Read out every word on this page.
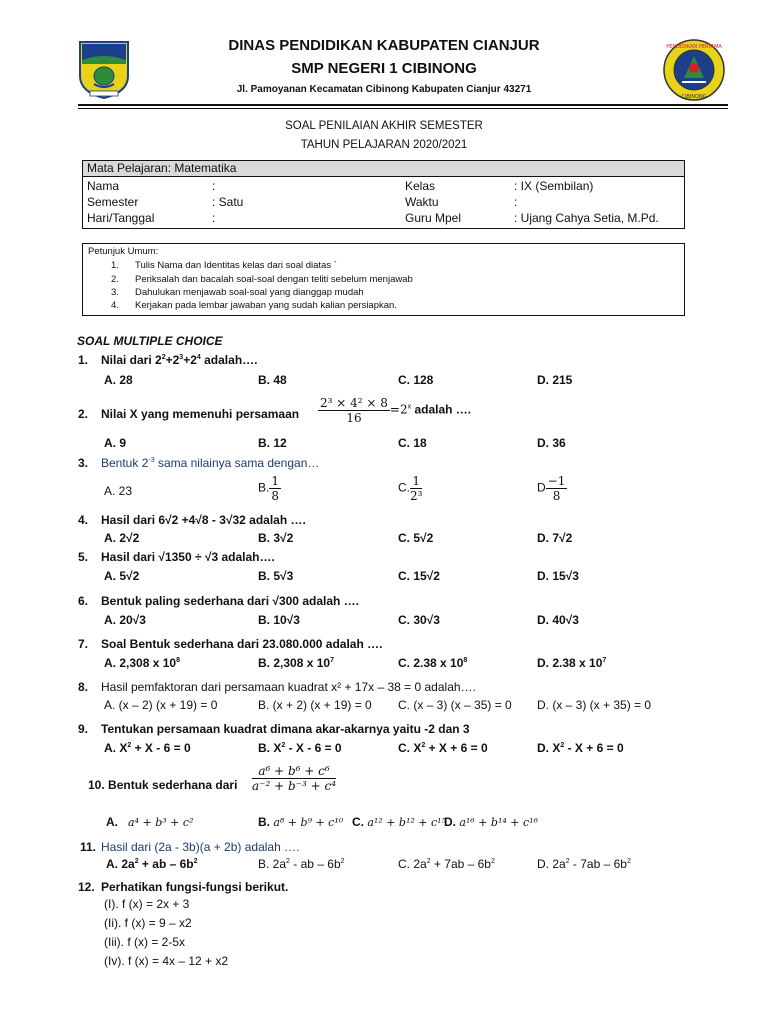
DINAS PENDIDIKAN KABUPATEN CIANJUR
SMP NEGERI 1 CIBINONG
Jl. Pamoyanan Kecamatan Cibinong Kabupaten Cianjur 43271
PENDIDIKAN PERTAMA
CIBINONG
SOAL PENILAIAN AKHIR SEMESTER
TAHUN PELAJARAN 2020/2021
Mata Pelajaran: Matematika
Nama	:	Kelas	: IX (Sembilan)
Semester	: Satu	Waktu	:
Hari/Tanggal	:	Guru Mpel	: Ujang Cahya Setia, M.Pd.
Petunjuk Umum:
1. Tulis Nama dan Identitas kelas dari soal diatas `
2. Periksalah dan bacalah soal-soal dengan teliti sebelum menjawab
3. Dahulukan menjawab soal-soal yang dianggap mudah
4. Kerjakan pada lembar jawaban yang sudah kalian persiapkan.
SOAL MULTIPLE CHOICE
1. Nilai dari $2^2+2^3+2^4$ adalah….
A. 28	B. 48	C. 128	D. 215
2. Nilai X yang memenuhi persamaan $\frac{\text{2³ × 4² × 8}}{16} =2^x$ adalah ….
A. 9	B. 12	C. 18	D. 36
3. Bentuk $2^{-3}$ sama nilainya sama dengan…
A. 23	B. $\frac{1}{8}$	C. $\frac{1}{\text{2³}}$	D $\frac{-1}{8}$
4. Hasil dari 6√2 +4√8 - 3√32 adalah ….
A. 2√2	B. 3√2	C. 5√2	D. 7√2
5. Hasil dari √1350 ÷ √3 adalah….
A. 5√2	B. 5√3	C. 15√2	D. 15√3
6. Bentuk paling sederhana dari √300 adalah ….
A. 20√3	B. 10√3	C. 30√3	D. 40√3
7. Soal Bentuk sederhana dari 23.080.000 adalah ….
A. 2,308 x $10^8$	B. 2,308 x $10^7$	C. 2.38 x $10^8$	D. 2.38 x $10^7$
8. Hasil pemfaktoran dari persamaan kuadrat x² + 17x – 38 = 0 adalah….
A. (x – 2) (x + 19) = 0	B. (x + 2) (x + 19) = 0 C. (x – 3) (x – 35) = 0 D. (x – 3) (x + 35) = 0
9. Tentukan persamaan kuadrat dimana akar-akarnya yaitu -2 dan 3
A. $X^2 + X - 6 = 0$	B. $X^2 - X - 6 = 0$	C. $X^2 + X + 6 = 0$	D. $X^2 - X + 6 = 0$
10. Bentuk sederhana dari $\frac{\text{a⁶ + b⁶ + c⁶}}{\text{a⁻² + b⁻³ + c⁴}}$
A. a⁴ + b³ + c²	B. a⁸ + b⁹ + c¹⁰ C. a¹² + b¹² + c¹⁵
D. a¹⁶ + b¹⁴ + c¹⁶
11. Hasil dari (2a - 3b)(a + 2b) adalah ….
A. $2a^2$ + ab – $6b^2$	B. $2a^2$ - ab – $6b^2$	C. $2a^2 + 7ab - 6b^2$	D. $2a^2 - 7ab - 6b^2$
12. Perhatikan fungsi-fungsi berikut.
(I). f (x) = 2x + 3
(Ii). f (x) = 9 – x2
(Iii). f (x) = 2-5x
(Iv). f (x) = 4x – 12 + x2
